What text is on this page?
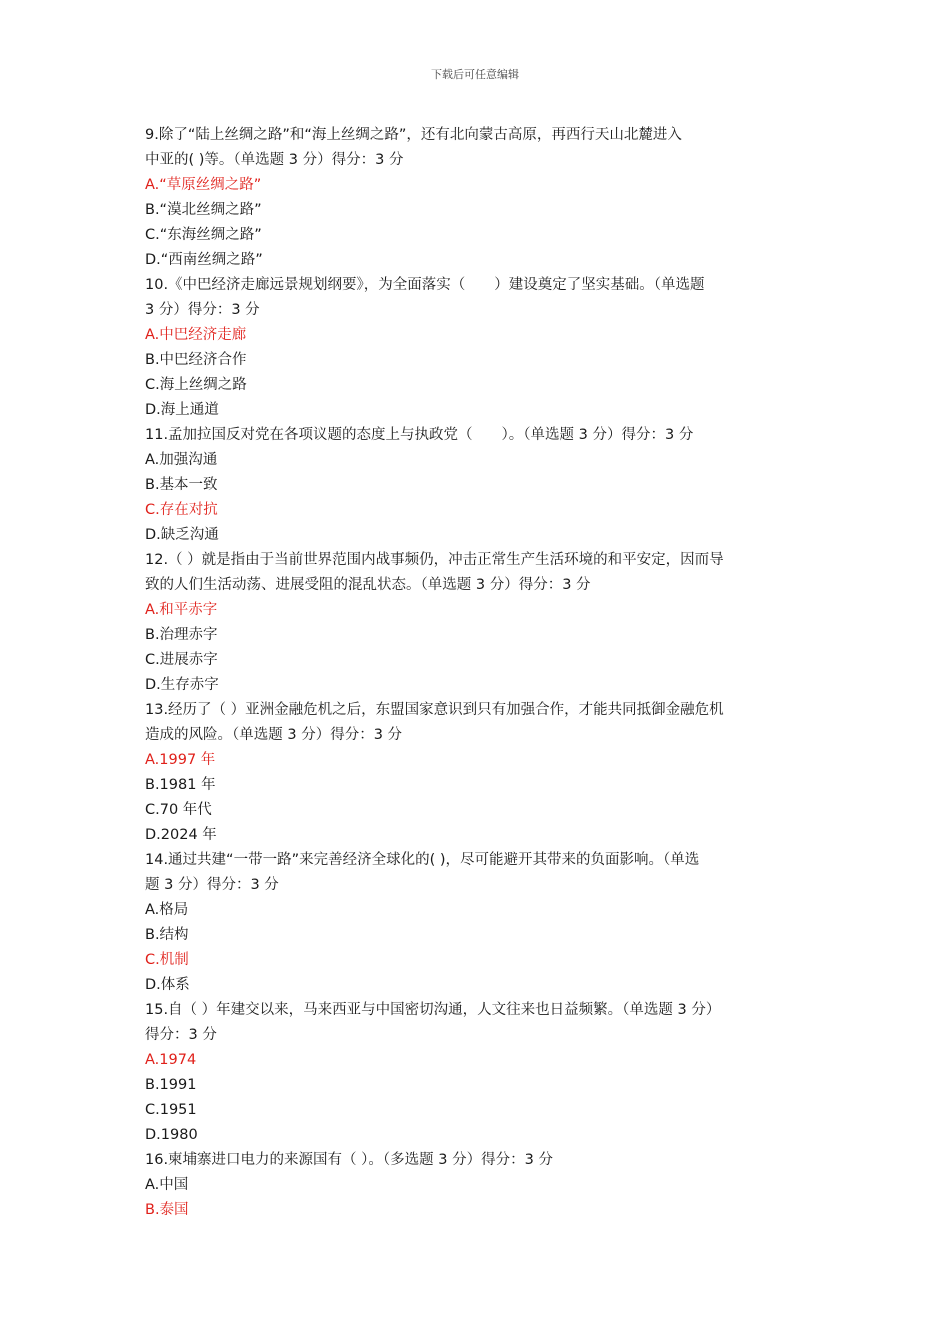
下载后可任意编辑
9.除了“陆上丝绸之路”和“海上丝绸之路”，还有北向蒙古高原，再西行天山北麓进入
中亚的( )等。（单选题 3 分）得分：3 分
A.“草原丝绸之路”
B.“漠北丝绸之路”
C.“东海丝绸之路”
D.“西南丝绸之路”
10.《中巴经济走廊远景规划纲要》，为全面落实（　　）建设奠定了坚实基础。（单选题
3 分）得分：3 分
A.中巴经济走廊
B.中巴经济合作
C.海上丝绸之路
D.海上通道
11.孟加拉国反对党在各项议题的态度上与执政党（　　）。（单选题 3 分）得分：3 分
A.加强沟通
B.基本一致
C.存在对抗
D.缺乏沟通
12.（ ）就是指由于当前世界范围内战事频仍，冲击正常生产生活环境的和平安定，因而导
致的人们生活动荡、进展受阻的混乱状态。（单选题 3 分）得分：3 分
A.和平赤字
B.治理赤字
C.进展赤字
D.生存赤字
13.经历了（ ）亚洲金融危机之后，东盟国家意识到只有加强合作，才能共同抵御金融危机
造成的风险。（单选题 3 分）得分：3 分
A.1997 年
B.1981 年
C.70 年代
D.2024 年
14.通过共建“一带一路”来完善经济全球化的( )，尽可能避开其带来的负面影响。（单选
题 3 分）得分：3 分
A.格局
B.结构
C.机制
D.体系
15.自（ ）年建交以来，马来西亚与中国密切沟通，人文往来也日益频繁。（单选题 3 分）
得分：3 分
A.1974
B.1991
C.1951
D.1980
16.柬埔寨进口电力的来源国有（ ）。（多选题 3 分）得分：3 分
A.中国
B.泰国
